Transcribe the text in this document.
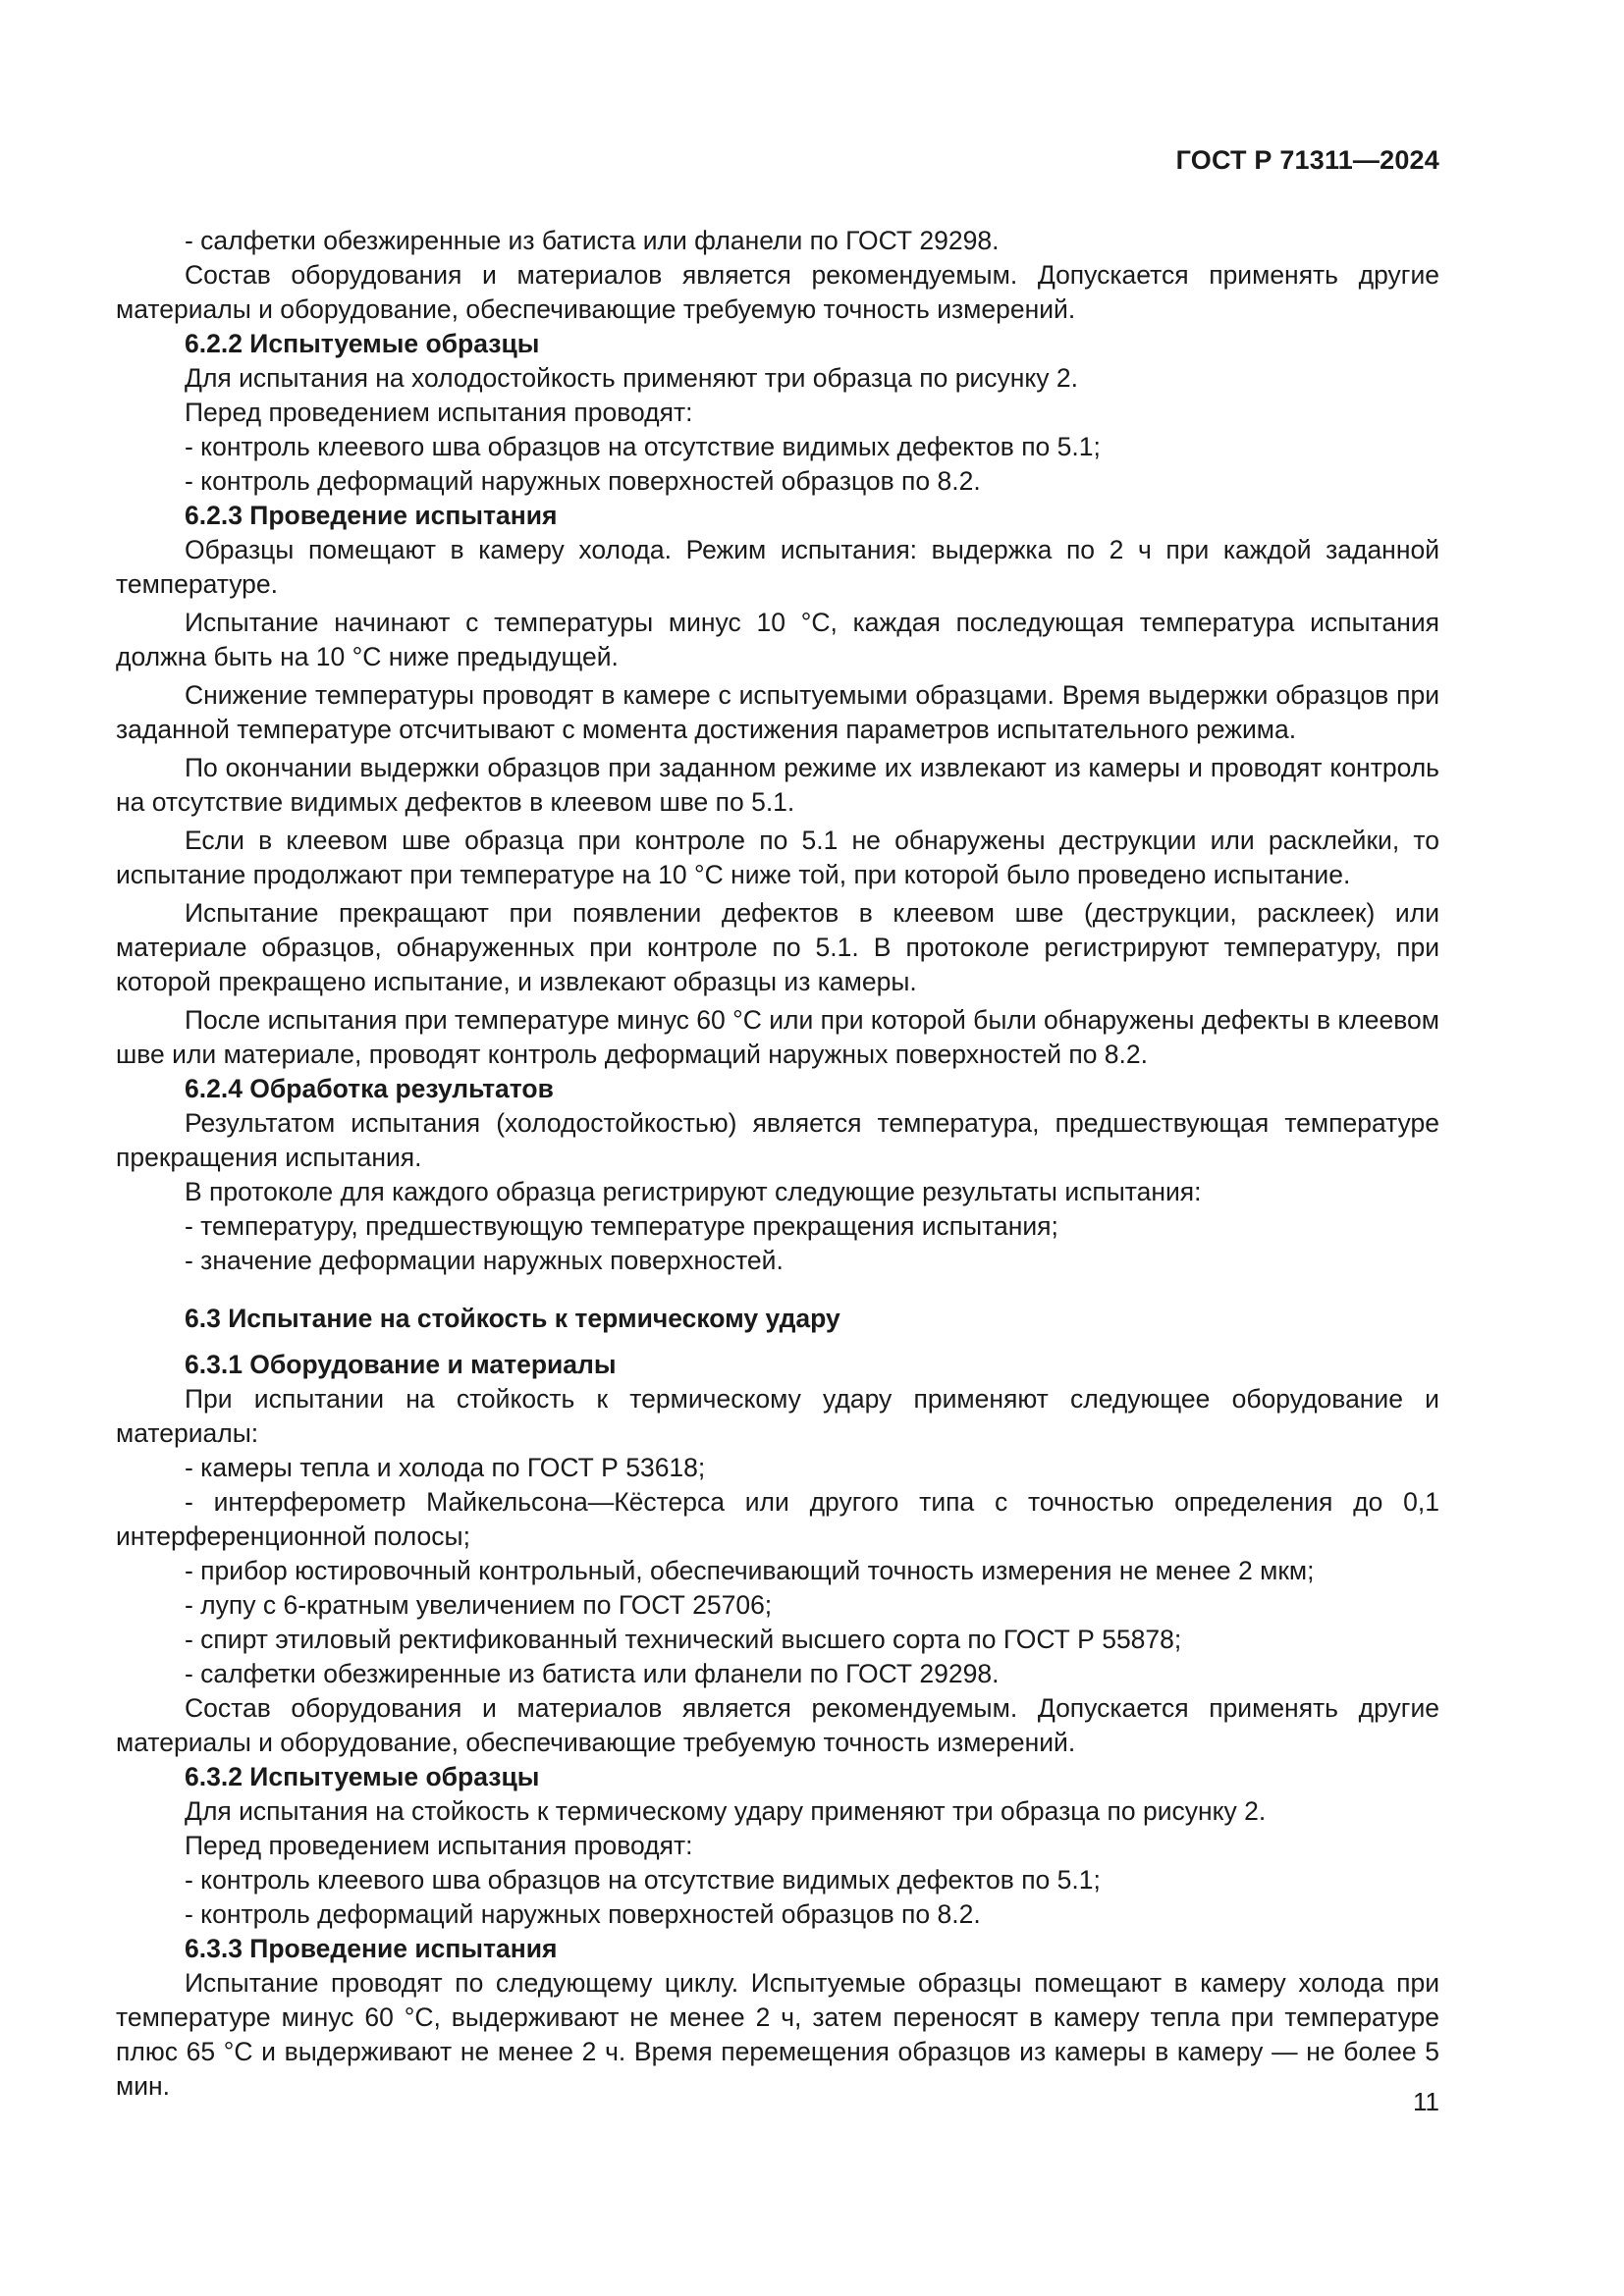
ГОСТ Р 71311—2024

- салфетки обезжиренные из батиста или фланели по ГОСТ 29298.

Состав оборудования и материалов является рекомендуемым. Допускается применять другие материалы и оборудование, обеспечивающие требуемую точность измерений.

6.2.2 Испытуемые образцы

Для испытания на холодостойкость применяют три образца по рисунку 2.

Перед проведением испытания проводят:

- контроль клеевого шва образцов на отсутствие видимых дефектов по 5.1;

- контроль деформаций наружных поверхностей образцов по 8.2.

6.2.3 Проведение испытания

Образцы помещают в камеру холода. Режим испытания: выдержка по 2 ч при каждой заданной температуре.

Испытание начинают с температуры минус 10 °С, каждая последующая температура испытания должна быть на 10 °С ниже предыдущей.

Снижение температуры проводят в камере с испытуемыми образцами. Время выдержки образцов при заданной температуре отсчитывают с момента достижения параметров испытательного режима.

По окончании выдержки образцов при заданном режиме их извлекают из камеры и проводят контроль на отсутствие видимых дефектов в клеевом шве по 5.1.

Если в клеевом шве образца при контроле по 5.1 не обнаружены деструкции или расклейки, то испытание продолжают при температуре на 10 °С ниже той, при которой было проведено испытание.

Испытание прекращают при появлении дефектов в клеевом шве (деструкции, расклеек) или материале образцов, обнаруженных при контроле по 5.1. В протоколе регистрируют температуру, при которой прекращено испытание, и извлекают образцы из камеры.

После испытания при температуре минус 60 °С или при которой были обнаружены дефекты в клеевом шве или материале, проводят контроль деформаций наружных поверхностей по 8.2.

6.2.4 Обработка результатов

Результатом испытания (холодостойкостью) является температура, предшествующая температуре прекращения испытания.

В протоколе для каждого образца регистрируют следующие результаты испытания:

- температуру, предшествующую температуре прекращения испытания;

- значение деформации наружных поверхностей.

6.3 Испытание на стойкость к термическому удару

6.3.1 Оборудование и материалы

При испытании на стойкость к термическому удару применяют следующее оборудование и материалы:

- камеры тепла и холода по ГОСТ Р 53618;

- интерферометр Майкельсона—Кёстерса или другого типа с точностью определения до 0,1 интерференционной полосы;

- прибор юстировочный контрольный, обеспечивающий точность измерения не менее 2 мкм;

- лупу с 6-кратным увеличением по ГОСТ 25706;

- спирт этиловый ректификованный технический высшего сорта по ГОСТ Р 55878;

- салфетки обезжиренные из батиста или фланели по ГОСТ 29298.

Состав оборудования и материалов является рекомендуемым. Допускается применять другие материалы и оборудование, обеспечивающие требуемую точность измерений.

6.3.2 Испытуемые образцы

Для испытания на стойкость к термическому удару применяют три образца по рисунку 2.

Перед проведением испытания проводят:

- контроль клеевого шва образцов на отсутствие видимых дефектов по 5.1;

- контроль деформаций наружных поверхностей образцов по 8.2.

6.3.3 Проведение испытания

Испытание проводят по следующему циклу. Испытуемые образцы помещают в камеру холода при температуре минус 60 °С, выдерживают не менее 2 ч, затем переносят в камеру тепла при температуре плюс 65 °С и выдерживают не менее 2 ч. Время перемещения образцов из камеры в камеру — не более 5 мин.

11
